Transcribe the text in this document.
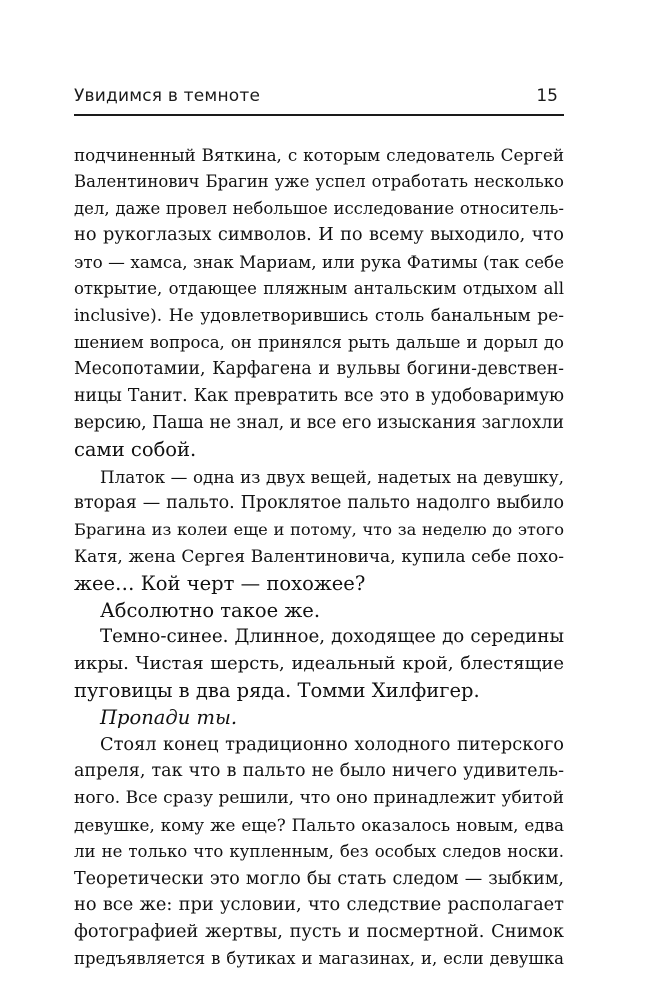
Увидимся в темноте	15

подчиненный Вяткина, с которым следователь Сергей

Валентинович Брагин уже успел отработать несколько

дел, даже провел небольшое исследование относитель-

но рукоглазых символов. И по всему выходило, что

это — хамса, знак Мариам, или рука Фатимы (так себе

открытие, отдающее пляжным антальским отдыхом all

inclusive). Не удовлетворившись столь банальным ре-

шением вопроса, он принялся рыть дальше и дорыл до

Месопотамии, Карфагена и вульвы богини-девствен-

ницы Танит. Как превратить все это в удобоваримую

версию, Паша не знал, и все его изыскания заглохли

сами собой.

Платок — одна из двух вещей, надетых на девушку,

вторая — пальто. Проклятое пальто надолго выбило

Брагина из колеи еще и потому, что за неделю до этого

Катя, жена Сергея Валентиновича, купила себе похо-

жее… Кой черт — похожее?

Абсолютно такое же.

Темно-синее. Длинное, доходящее до середины

икры. Чистая шерсть, идеальный крой, блестящие

пуговицы в два ряда. Томми Хилфигер.

Пропади ты.

Стоял конец традиционно холодного питерского

апреля, так что в пальто не было ничего удивитель-

ного. Все сразу решили, что оно принадлежит убитой

девушке, кому же еще? Пальто оказалось новым, едва

ли не только что купленным, без особых следов носки.

Теоретически это могло бы стать следом — зыбким,

но все же: при условии, что следствие располагает

фотографией жертвы, пусть и посмертной. Снимок

предъявляется в бутиках и магазинах, и, если девушка
